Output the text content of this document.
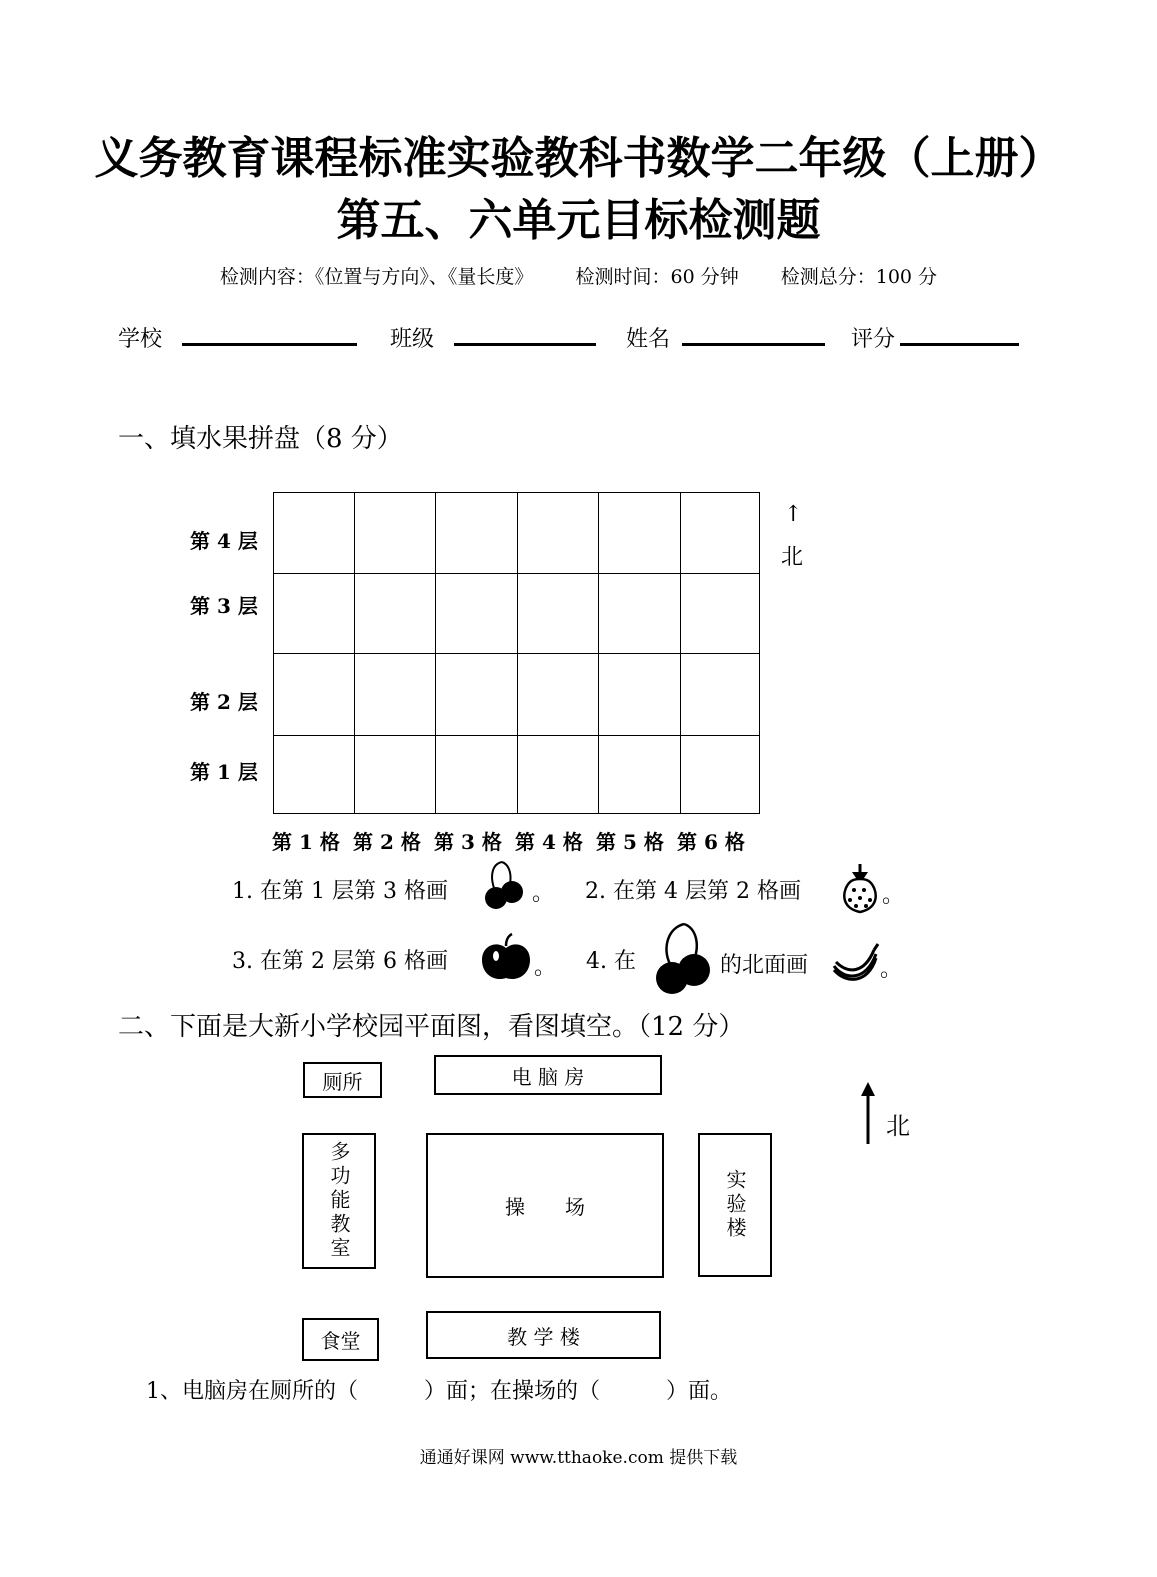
义务教育课程标准实验教科书数学二年级（上册）
第五、六单元目标检测题
检测内容：《位置与方向》、《量长度》 检测时间：60 分钟 检测总分：100 分
学校	班级	姓名	评分
一、填水果拼盘（8 分）
第 4 层
第 3 层
第 2 层
第 1 层
第 1 格 第 2 格 第 3 格 第 4 格 第 5 格 第 6 格
↑
北
1. 在第 1 层第 3 格画	。 2. 在第 4 层第 2 格画	。
3. 在第 2 层第 6 格画	。 4. 在	的北面画	。
二、下面是大新小学校园平面图，看图填空。（12 分）
厕所	电 脑 房
多功能教室	操　　场	实验楼
食堂	教 学 楼
北
1、电脑房在厕所的（　　　）面；在操场的（　　　）面。
通通好课网 www.tthaoke.com 提供下载
